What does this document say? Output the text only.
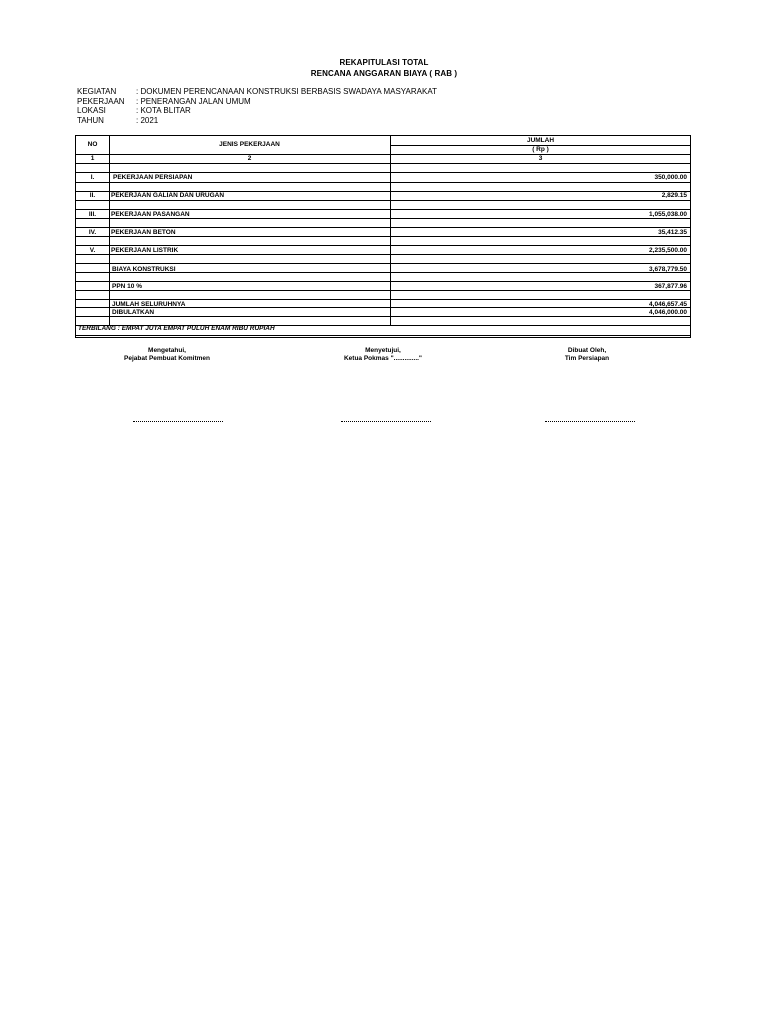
REKAPITULASI TOTAL
RENCANA ANGGARAN BIAYA ( RAB )
KEGIATAN	: DOKUMEN PERENCANAAN KONSTRUKSI BERBASIS SWADAYA MASYARAKAT
PEKERJAAN	: PENERANGAN JALAN UMUM
LOKASI	: KOTA BLITAR
TAHUN	: 2021
NO	JENIS PEKERJAAN
JUMLAH
( Rp )
1	2	3
I.	PEKERJAAN PERSIAPAN	350,000.00
II.	PEKERJAAN GALIAN DAN URUGAN	2,829.15
III.	PEKERJAAN PASANGAN	1,055,038.00
IV.	PEKERJAAN BETON	35,412.35
V.	PEKERJAAN LISTRIK	2,235,500.00
BIAYA KONSTRUKSI	3,678,779.50
PPN 10 %	367,877.96
JUMLAH SELURUHNYA	4,046,657.45
DIBULATKAN	4,046,000.00
TERBILANG : EMPAT JUTA EMPAT PULUH ENAM RIBU RUPIAH
Mengetahui,
Pejabat Pembuat Komitmen
Menyetujui,
Ketua Pokmas ".............."
Dibuat Oleh,
Tim Persiapan
